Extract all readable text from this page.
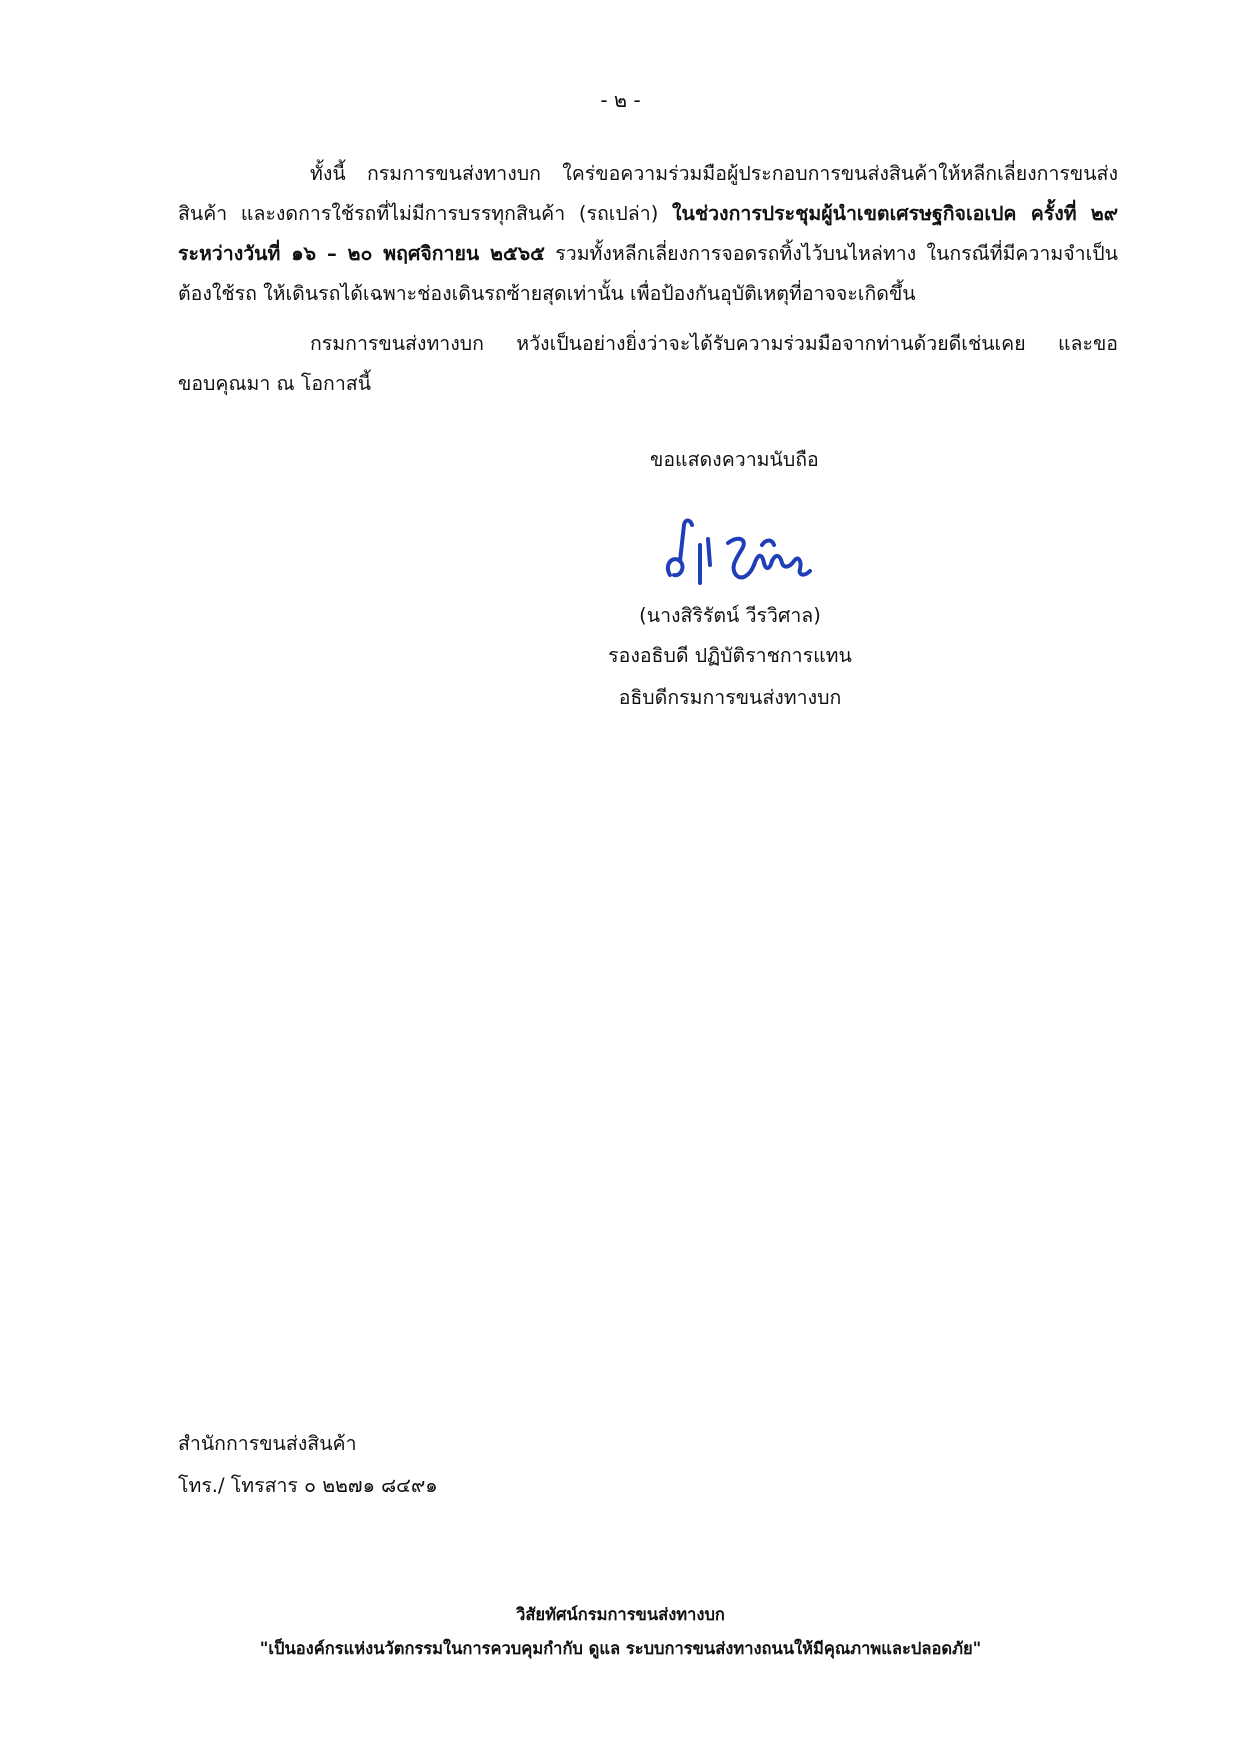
- ๒ -

ทั้งนี้ กรมการขนส่งทางบก ใคร่ขอความร่วมมือผู้ประกอบการขนส่งสินค้าให้หลีกเลี่ยงการขนส่งสินค้า และงดการใช้รถที่ไม่มีการบรรทุกสินค้า (รถเปล่า) ในช่วงการประชุมผู้นำเขตเศรษฐกิจเอเปค ครั้งที่ ๒๙ ระหว่างวันที่ ๑๖ – ๒๐ พฤศจิกายน ๒๕๖๕ รวมทั้งหลีกเลี่ยงการจอดรถทิ้งไว้บนไหล่ทาง ในกรณีที่มีความจำเป็นต้องใช้รถ ให้เดินรถได้เฉพาะช่องเดินรถซ้ายสุดเท่านั้น เพื่อป้องกันอุบัติเหตุที่อาจจะเกิดขึ้น

กรมการขนส่งทางบก หวังเป็นอย่างยิ่งว่าจะได้รับความร่วมมือจากท่านด้วยดีเช่นเคย และขอขอบคุณมา ณ โอกาสนี้

ขอแสดงความนับถือ
(นางสิริรัตน์ วีรวิศาล)
รองอธิบดี ปฏิบัติราชการแทน
อธิบดีกรมการขนส่งทางบก
สำนักการขนส่งสินค้า
โทร./ โทรสาร ๐ ๒๒๗๑ ๘๔๙๑
วิสัยทัศน์กรมการขนส่งทางบก
"เป็นองค์กรแห่งนวัตกรรมในการควบคุมกำกับ ดูแล ระบบการขนส่งทางถนนให้มีคุณภาพและปลอดภัย"
